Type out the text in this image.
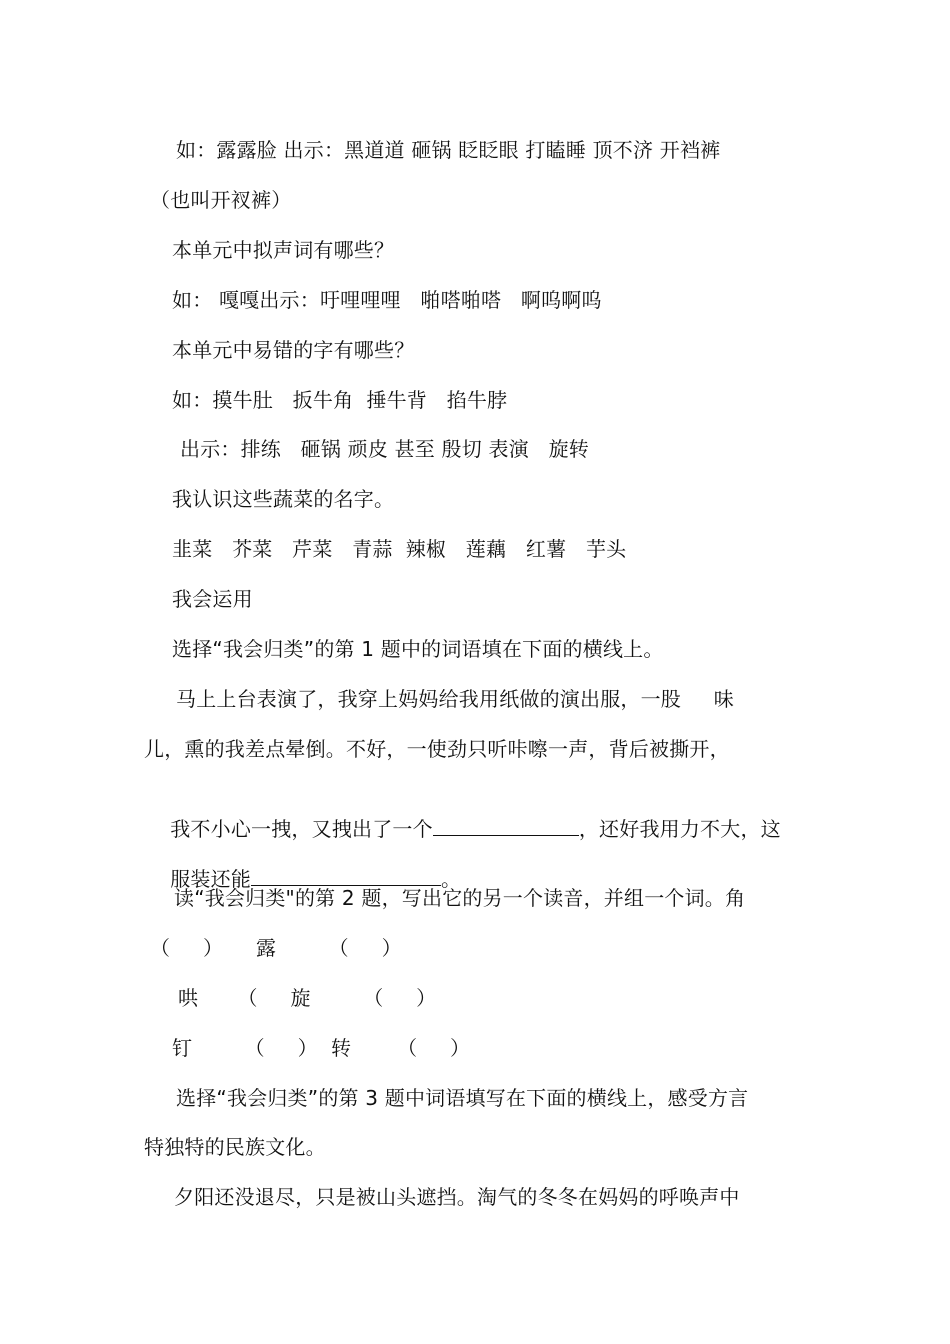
如：露露脸 出示：黑道道 砸锅 眨眨眼 打瞌睡 顶不济 开裆裤
（也叫开衩裤）
本单元中拟声词有哪些？
如： 嘎嘎出示：吁哩哩哩   啪嗒啪嗒   啊呜啊呜
本单元中易错的字有哪些？
如：摸牛肚   扳牛角  捶牛背   掐牛脖
出示：排练   砸锅 顽皮 甚至 殷切 表演   旋转
我认识这些蔬菜的名字。
韭菜   芥菜   芹菜   青蒜  辣椒   莲藕   红薯   芋头
我会运用
选择“我会归类”的第 1 题中的词语填在下面的横线上。
马上上台表演了，我穿上妈妈给我用纸做的演出服，一股     味
儿，熏的我差点晕倒。不好，一使劲只听咔嚓一声，背后被撕开，

我不小心一拽，又拽出了一个	，还好我用力不大，这

服装还能	。

读“我会归类"的第 2 题，写出它的另一个读音，并组一个词。角
（     ）     露        （     ）
哄      （     旋        （     ）
钉        （     ）  转       （     ）
选择“我会归类”的第 3 题中词语填写在下面的横线上，感受方言
特独特的民族文化。
夕阳还没退尽，只是被山头遮挡。淘气的冬冬在妈妈的呼唤声中
